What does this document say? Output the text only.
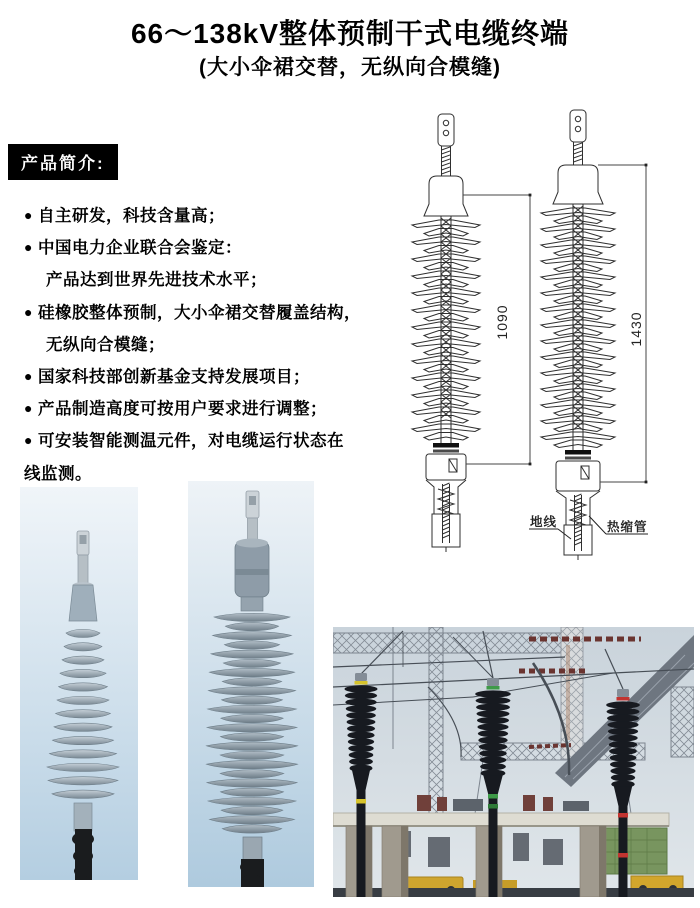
66～138kV整体预制干式电缆终端
(大小伞裙交替，无纵向合模缝)
产品简介:
● 自主研发，科技含量高；
● 中国电力企业联合会鉴定：
产品达到世界先进技术水平；
● 硅橡胶整体预制，大小伞裙交替履盖结构，
无纵向合模缝；
● 国家科技部创新基金支持发展项目；
● 产品制造高度可按用户要求进行调整；
● 可安装智能测温元件，对电缆运行状态在
线监测。
1090	1430
地线	热缩管
